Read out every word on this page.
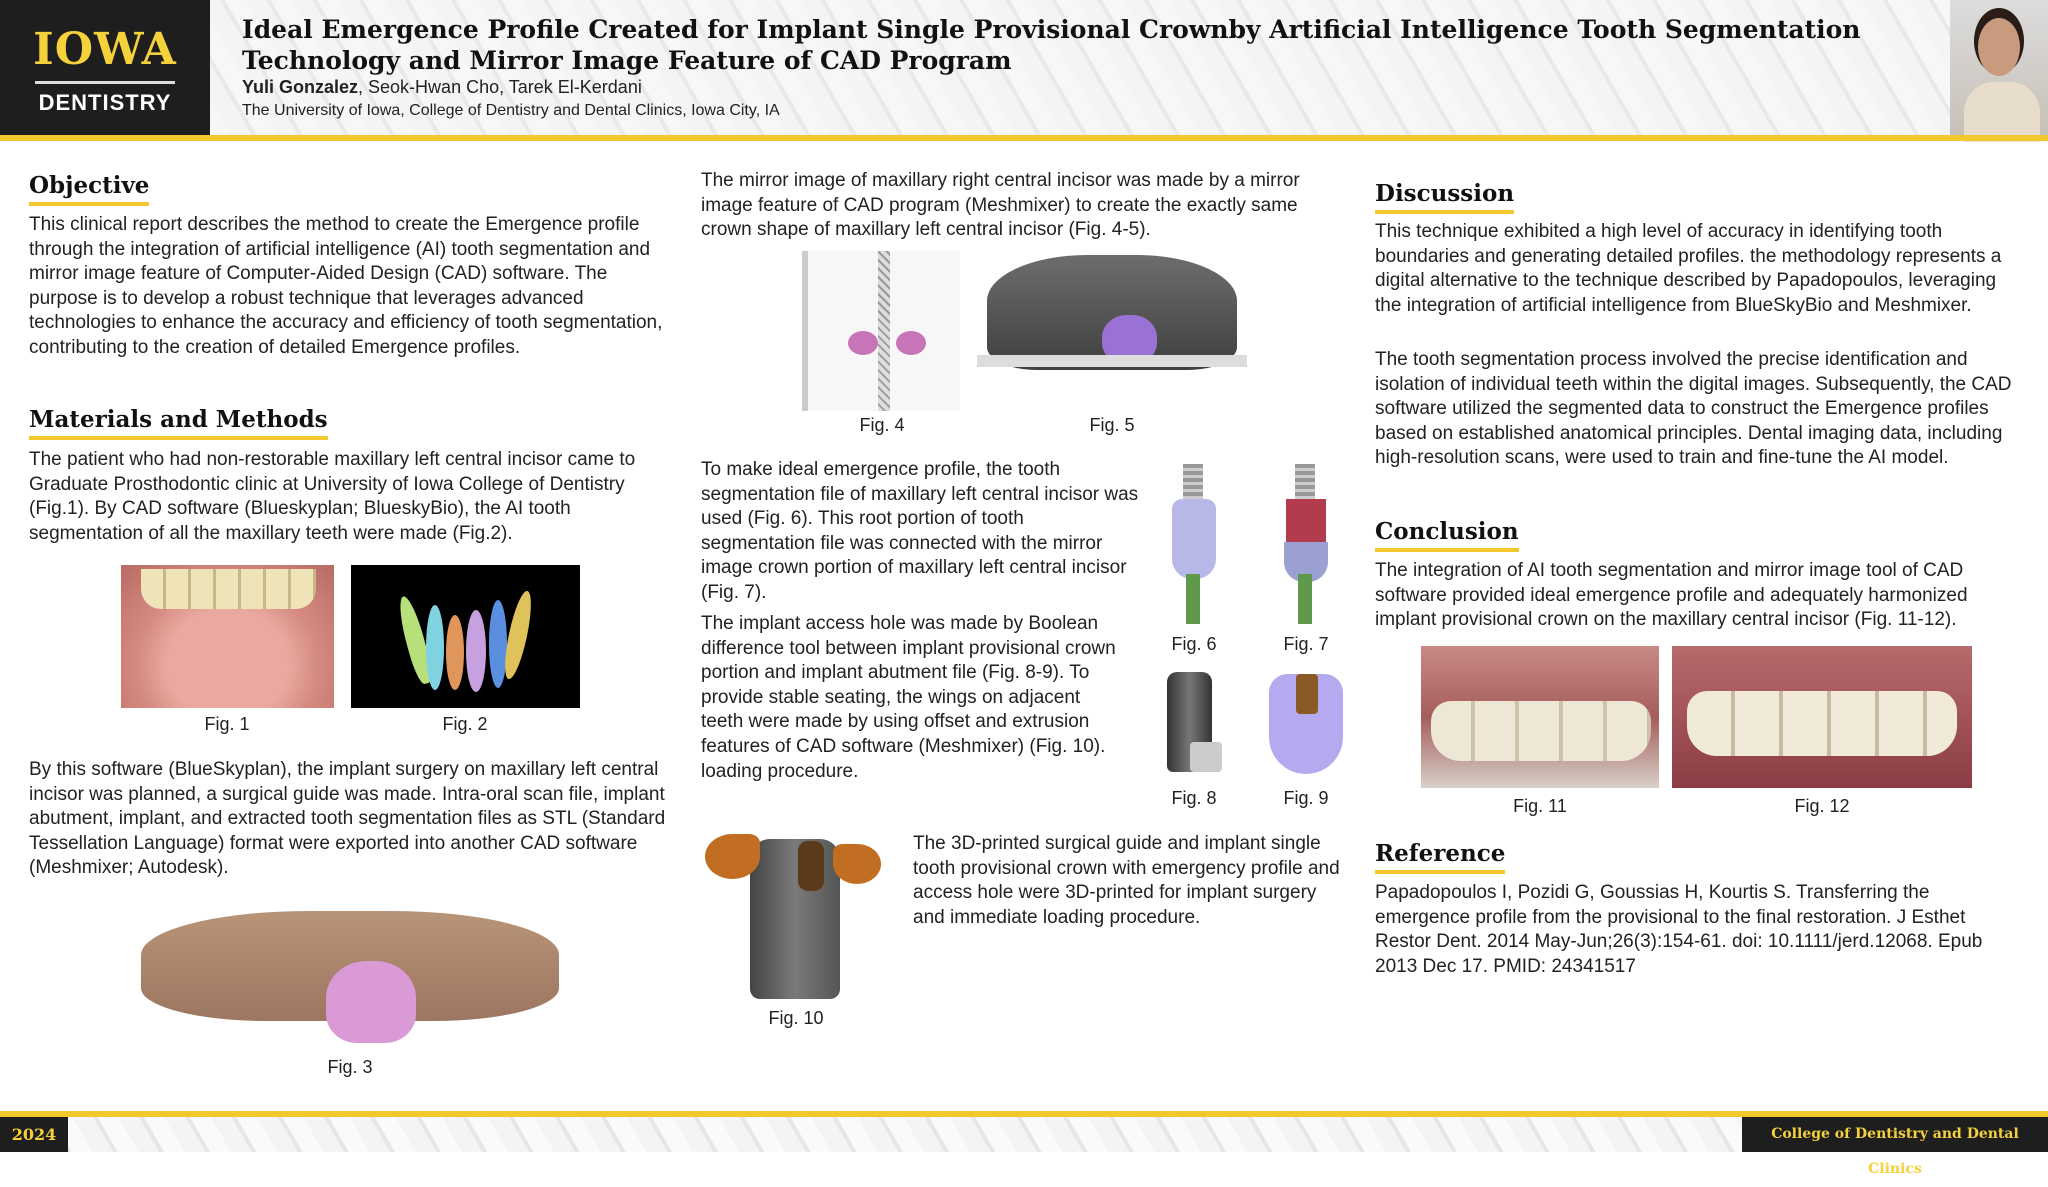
IOWA
DENTISTRY
Ideal Emergence Profile Created for Implant Single Provisional Crownby Artificial Intelligence Tooth Segmentation Technology and Mirror Image Feature of CAD Program
Yuli Gonzalez, Seok-Hwan Cho, Tarek El-Kerdani
The University of Iowa, College of Dentistry and Dental Clinics, Iowa City, IA
Objective
This clinical report describes the method to create the Emergence profile through the integration of artificial intelligence (AI) tooth segmentation and mirror image feature of Computer-Aided Design (CAD) software. The purpose is to develop a robust technique that leverages advanced technologies to enhance the accuracy and efficiency of tooth segmentation, contributing to the creation of detailed Emergence profiles.
Materials and Methods
The patient who had non-restorable maxillary left central incisor came to Graduate Prosthodontic clinic at University of Iowa College of Dentistry (Fig.1). By CAD software (Blueskyplan; BlueskyBio), the AI tooth segmentation of all the maxillary teeth were made (Fig.2).
Fig. 1	Fig. 2
By this software (BlueSkyplan), the implant surgery on maxillary left central incisor was planned, a surgical guide was made. Intra-oral scan file, implant abutment, implant, and extracted tooth segmentation files as STL (Standard Tessellation Language) format were exported into another CAD software (Meshmixer; Autodesk).
Fig. 3
The mirror image of maxillary right central incisor was made by a mirror image feature of CAD program (Meshmixer) to create the exactly same crown shape of maxillary left central incisor (Fig. 4-5).
Fig. 4	Fig. 5
To make ideal emergence profile, the tooth segmentation file of maxillary left central incisor was used (Fig. 6). This root portion of tooth segmentation file was connected with the mirror image crown portion of maxillary left central incisor (Fig. 7).
The implant access hole was made by Boolean difference tool between implant provisional crown portion and implant abutment file (Fig. 8-9). To provide stable seating, the wings on adjacent teeth were made by using offset and extrusion features of CAD software (Meshmixer) (Fig. 10). loading procedure.
Fig. 6	Fig. 7
Fig. 8	Fig. 9
Fig. 10
The 3D-printed surgical guide and implant single tooth provisional crown with emergency profile and access hole were 3D-printed for implant surgery and immediate loading procedure.
Discussion
This technique exhibited a high level of accuracy in identifying tooth boundaries and generating detailed profiles. the methodology represents a digital alternative to the technique described by Papadopoulos, leveraging the integration of artificial intelligence from BlueSkyBio and Meshmixer.
The tooth segmentation process involved the precise identification and isolation of individual teeth within the digital images. Subsequently, the CAD software utilized the segmented data to construct the Emergence profiles based on established anatomical principles. Dental imaging data, including high-resolution scans, were used to train and fine-tune the AI model.
Conclusion
The integration of AI tooth segmentation and mirror image tool of CAD software provided ideal emergence profile and adequately harmonized implant provisional crown on the maxillary central incisor (Fig. 11-12).
Fig. 11	Fig. 12
Reference
Papadopoulos I, Pozidi G, Goussias H, Kourtis S. Transferring the emergence profile from the provisional to the final restoration. J Esthet Restor Dent. 2014 May-Jun;26(3):154-61. doi: 10.1111/jerd.12068. Epub 2013 Dec 17. PMID: 24341517
2024	College of Dentistry and Dental Clinics
